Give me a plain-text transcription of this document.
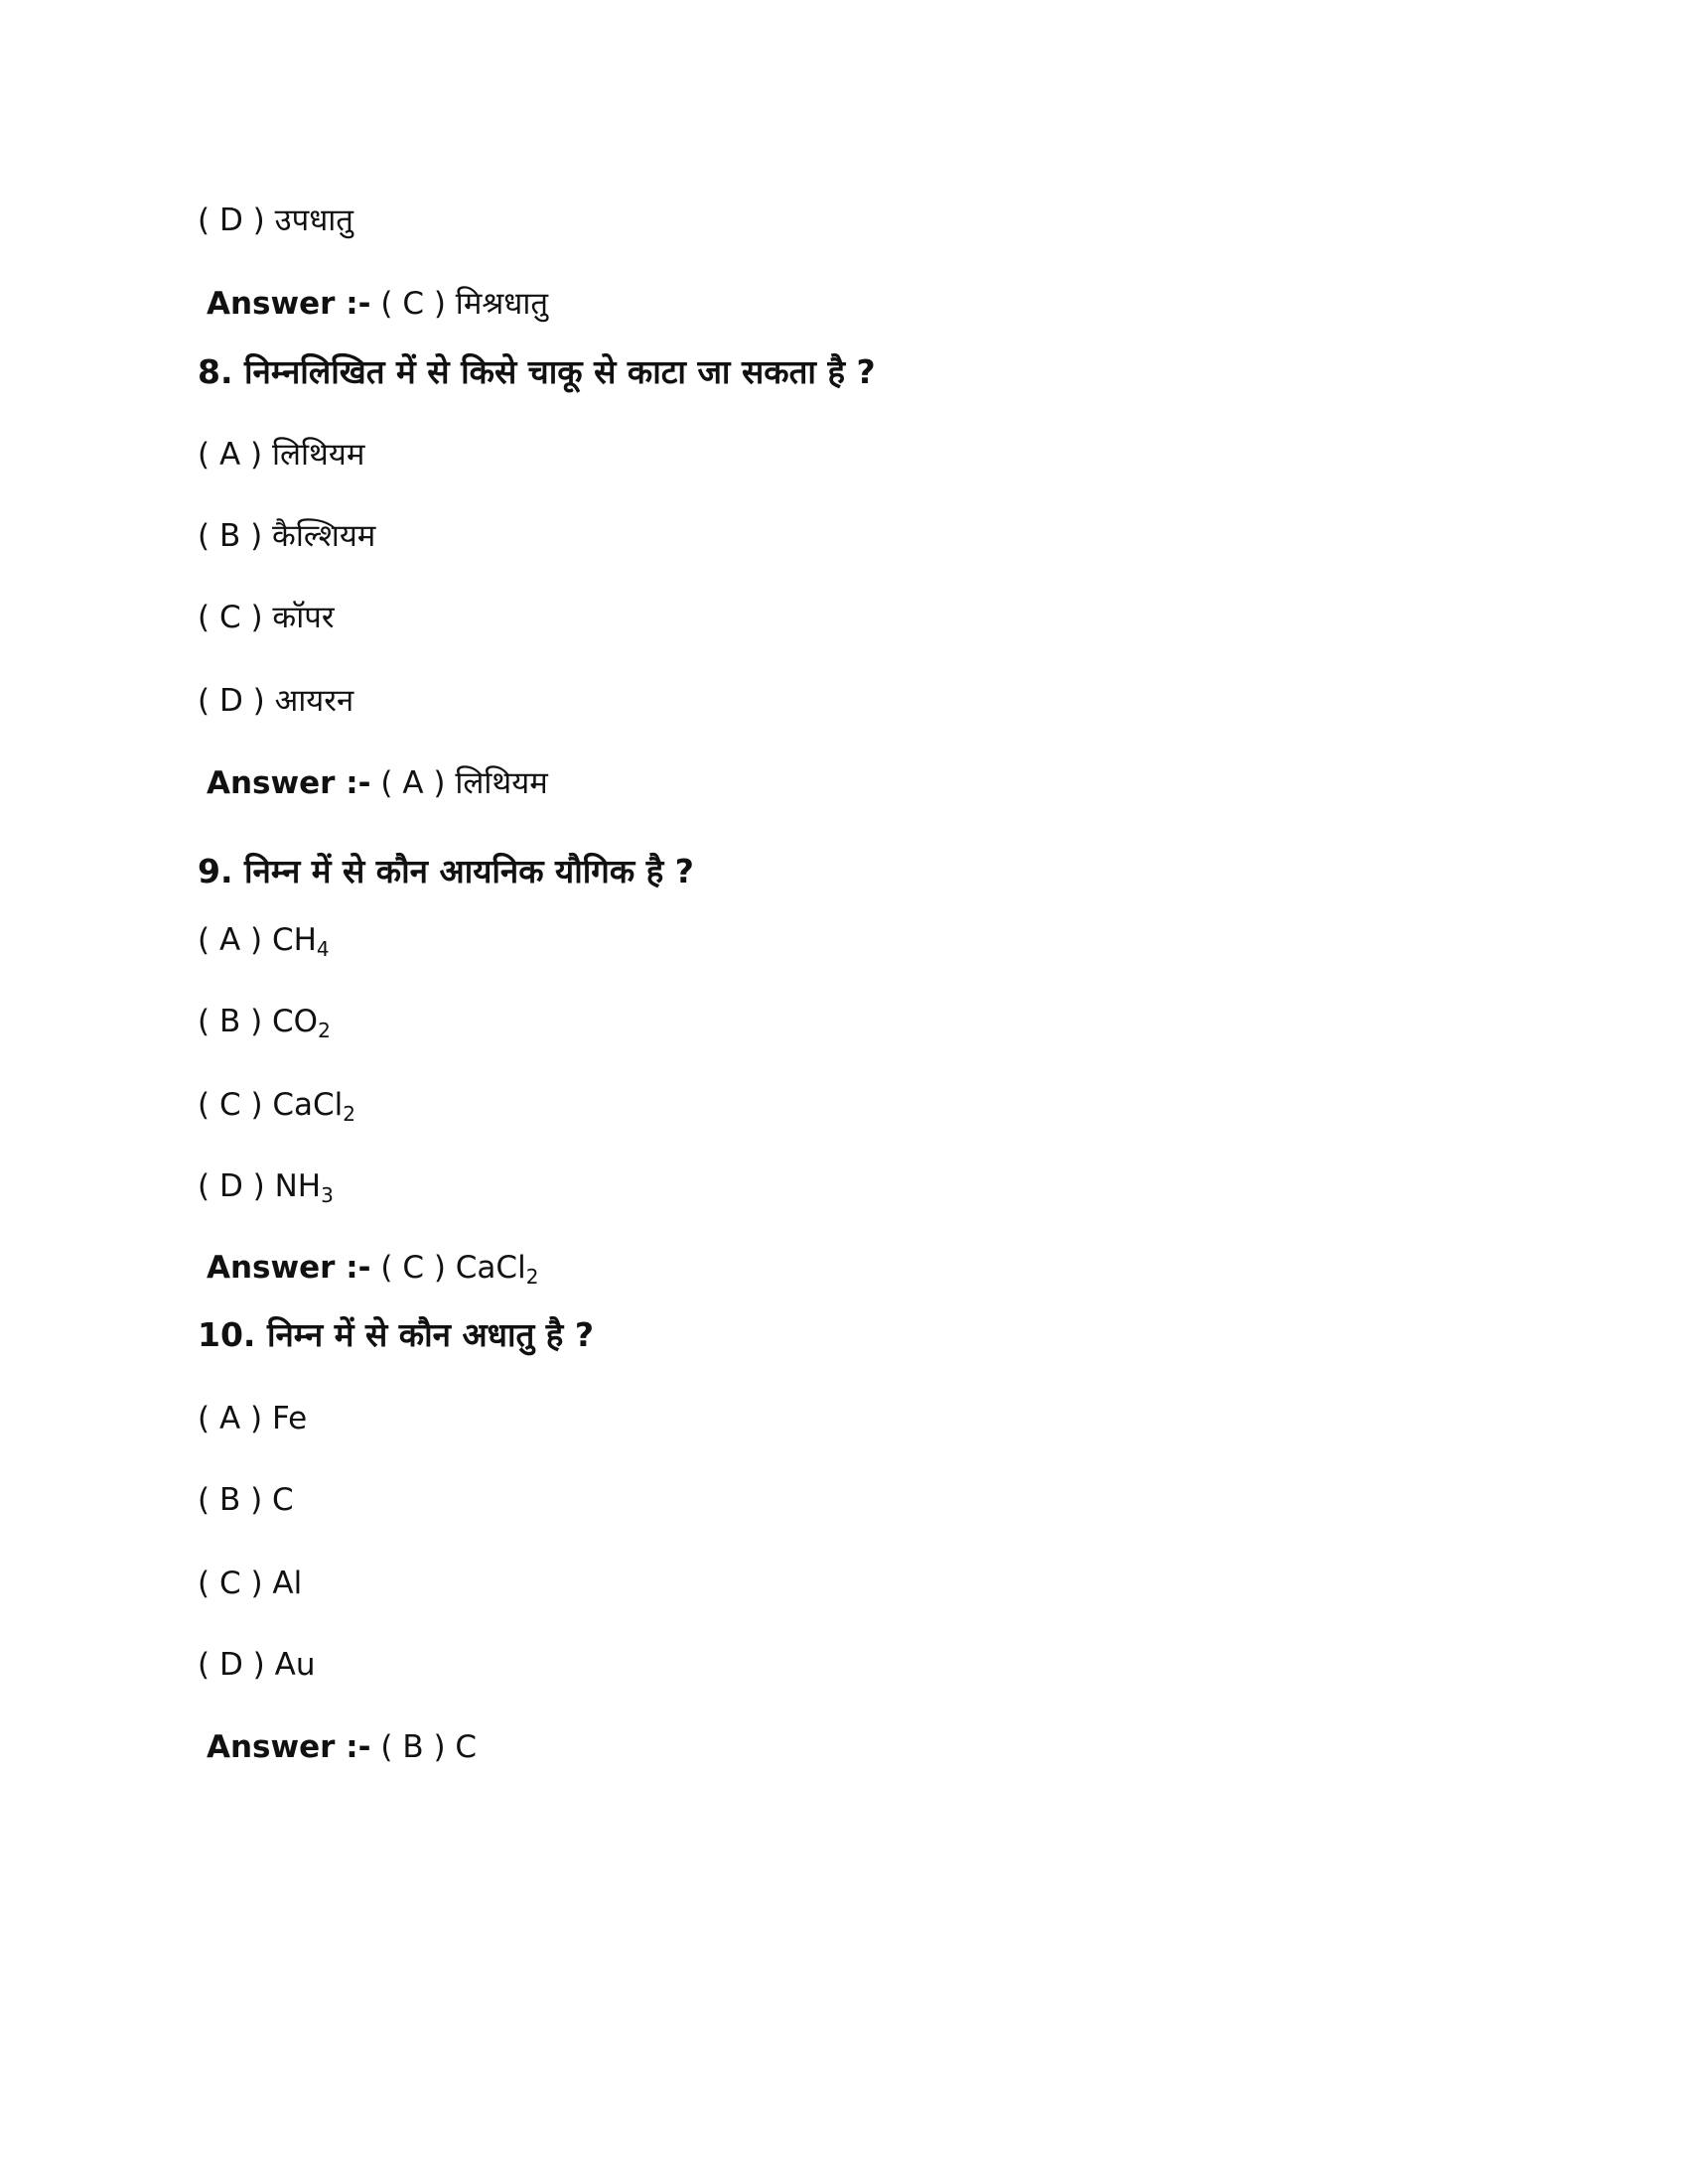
( D ) उपधातु
Answer :- ( C ) मिश्रधातु
8. निम्नलिखित में से किसे चाकू से काटा जा सकता है ?
( A ) लिथियम
( B ) कैल्शियम
( C ) कॉपर
( D ) आयरन
Answer :- ( A ) लिथियम
9. निम्न में से कौन आयनिक यौगिक है ?
( A ) $CH_4$
( B ) $CO_2$
( C ) CaCl$_2$
( D ) $NH_3$
Answer :- ( C ) CaCl$_2$
10. निम्न में से कौन अधातु है ?
( A ) Fe
( B ) C
( C ) Al
( D ) Au
Answer :- ( B ) C
